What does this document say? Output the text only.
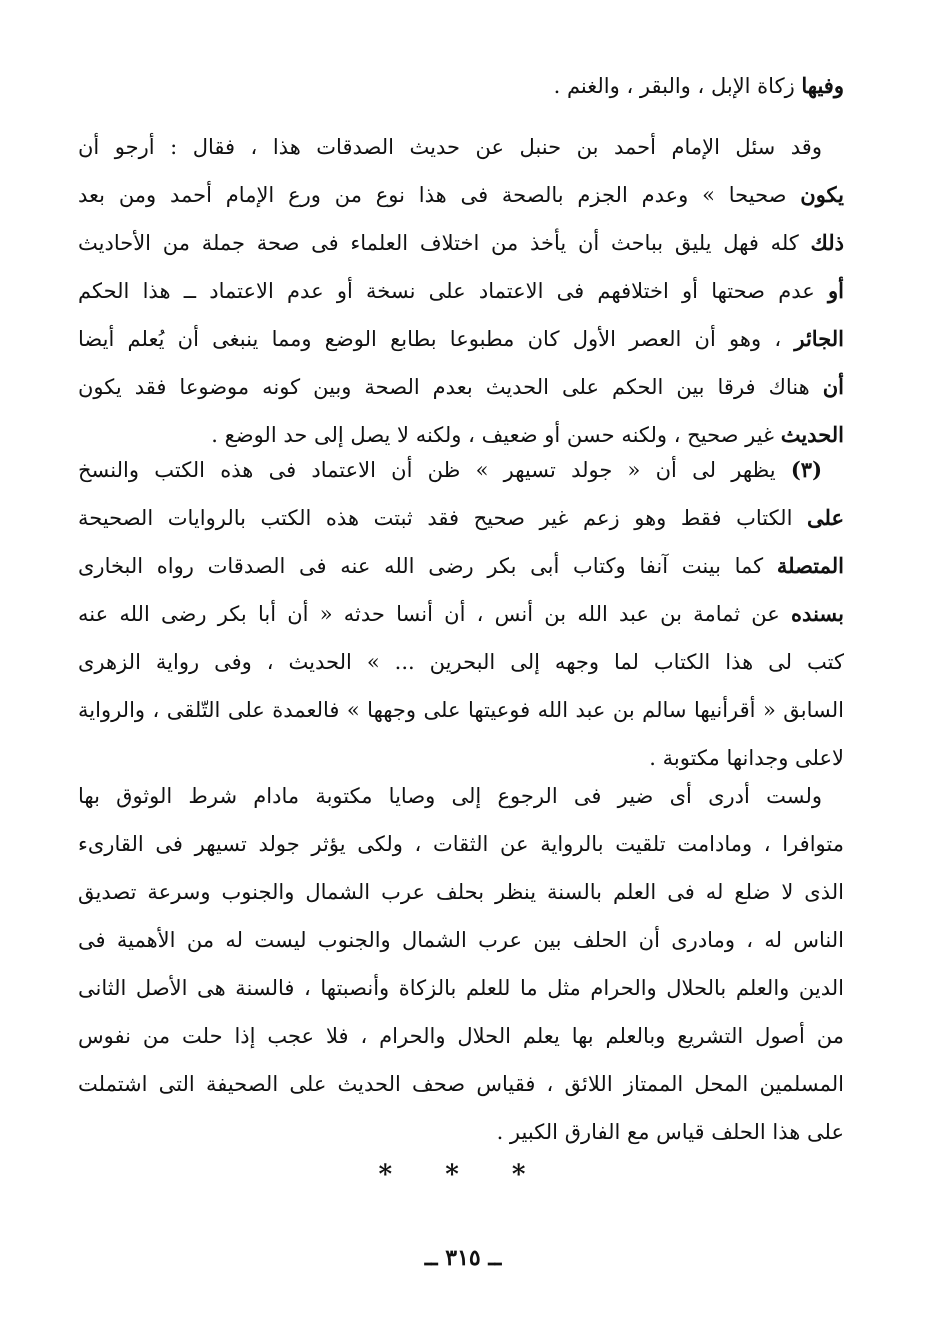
وفيها زكاة الإبل ، والبقر ، والغنم .
وقد سئل الإمام أحمد بن حنبل عن حديث الصدقات هذا ، فقال : أرجو أن
يكون صحيحا » وعدم الجزم بالصحة فى هذا نوع من ورع الإمام أحمد ومن بعد
ذلك كله فهل يليق بباحث أن يأخذ من اختلاف العلماء فى صحة جملة من الأحاديث
أو عدم صحتها أو اختلافهم فى الاعتماد على نسخة أو عدم الاعتماد ــ هذا الحكم
الجائر ، وهو أن العصر الأول كان مطبوعا بطابع الوضع ومما ينبغى أن يُعلم أيضا
أن هناك فرقا بين الحكم على الحديث بعدم الصحة وبين كونه موضوعا فقد يكون
الحديث غير صحيح ، ولكنه حسن أو ضعيف ، ولكنه لا يصل إلى حد الوضع .
(٣) يظهر لى أن « جولد تسيهر » ظن أن الاعتماد فى هذه الكتب والنسخ
على الكتاب فقط وهو زعم غير صحيح فقد ثبتت هذه الكتب بالروايات الصحيحة
المتصلة كما بينت آنفا وكتاب أبى بكر رضى الله عنه فى الصدقات رواه البخارى
بسنده عن ثمامة بن عبد الله بن أنس ، أن أنسا حدثه « أن أبا بكر رضى الله عنه
كتب لى هذا الكتاب لما وجهه إلى البحرين ... » الحديث ، وفى رواية الزهرى
السابق « أقرأنيها سالم بن عبد الله فوعيتها على وجهها » فالعمدة على التّلقى ، والرواية
لاعلى وجدانها مكتوبة .
ولست أدرى أى ضير فى الرجوع إلى وصايا مكتوبة مادام شرط الوثوق بها
متوافرا ، ومادامت تلقيت بالرواية عن الثقات ، ولكى يؤثر جولد تسيهر فى القارىء
الذى لا ضلع له فى العلم بالسنة ينظر بحلف عرب الشمال والجنوب وسرعة تصديق
الناس له ، ومادرى أن الحلف بين عرب الشمال والجنوب ليست له من الأهمية فى
الدين والعلم بالحلال والحرام مثل ما للعلم بالزكاة وأنصبتها ، فالسنة هى الأصل الثانى
من أصول التشريع وبالعلم بها يعلم الحلال والحرام ، فلا عجب إذا حلت من نفوس
المسلمين المحل الممتاز اللائق ، فقياس صحف الحديث على الصحيفة التى اشتملت
على هذا الحلف قياس مع الفارق الكبير .
* * *
ــ ٣١٥ ــ
